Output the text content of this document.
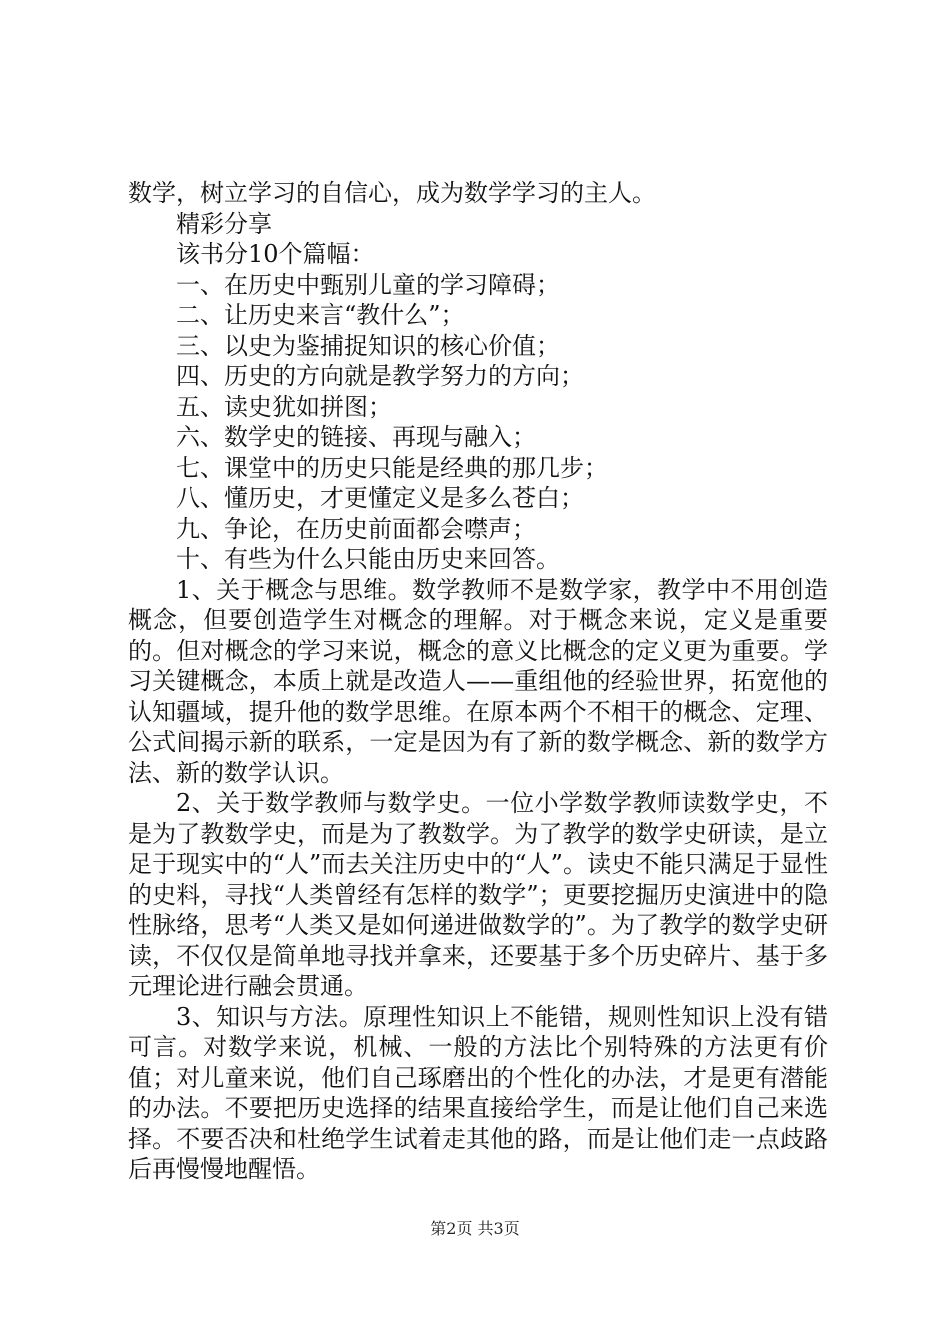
数学，树立学习的自信心，成为数学学习的主人。

精彩分享

该书分10个篇幅：

一、在历史中甄别儿童的学习障碍；

二、让历史来言“教什么”；

三、以史为鉴捕捉知识的核心价值；

四、历史的方向就是教学努力的方向；

五、读史犹如拼图；

六、数学史的链接、再现与融入；

七、课堂中的历史只能是经典的那几步；

八、懂历史，才更懂定义是多么苍白；

九、争论，在历史前面都会噤声；

十、有些为什么只能由历史来回答。

1、关于概念与思维。数学教师不是数学家，教学中不用创造概念，但要创造学生对概念的理解。对于概念来说，定义是重要的。但对概念的学习来说，概念的意义比概念的定义更为重要。学习关键概念，本质上就是改造人——重组他的经验世界，拓宽他的认知疆域，提升他的数学思维。在原本两个不相干的概念、定理、公式间揭示新的联系，一定是因为有了新的数学概念、新的数学方法、新的数学认识。

2、关于数学教师与数学史。一位小学数学教师读数学史，不是为了教数学史，而是为了教数学。为了教学的数学史研读，是立足于现实中的“人”而去关注历史中的“人”。读史不能只满足于显性的史料，寻找“人类曾经有怎样的数学”；更要挖掘历史演进中的隐性脉络，思考“人类又是如何递进做数学的”。为了教学的数学史研读，不仅仅是简单地寻找并拿来，还要基于多个历史碎片、基于多元理论进行融会贯通。

3、知识与方法。原理性知识上不能错，规则性知识上没有错可言。对数学来说，机械、一般的方法比个别特殊的方法更有价值；对儿童来说，他们自己琢磨出的个性化的办法，才是更有潜能的办法。不要把历史选择的结果直接给学生，而是让他们自己来选择。不要否决和杜绝学生试着走其他的路，而是让他们走一点歧路后再慢慢地醒悟。

第2页 共3页
